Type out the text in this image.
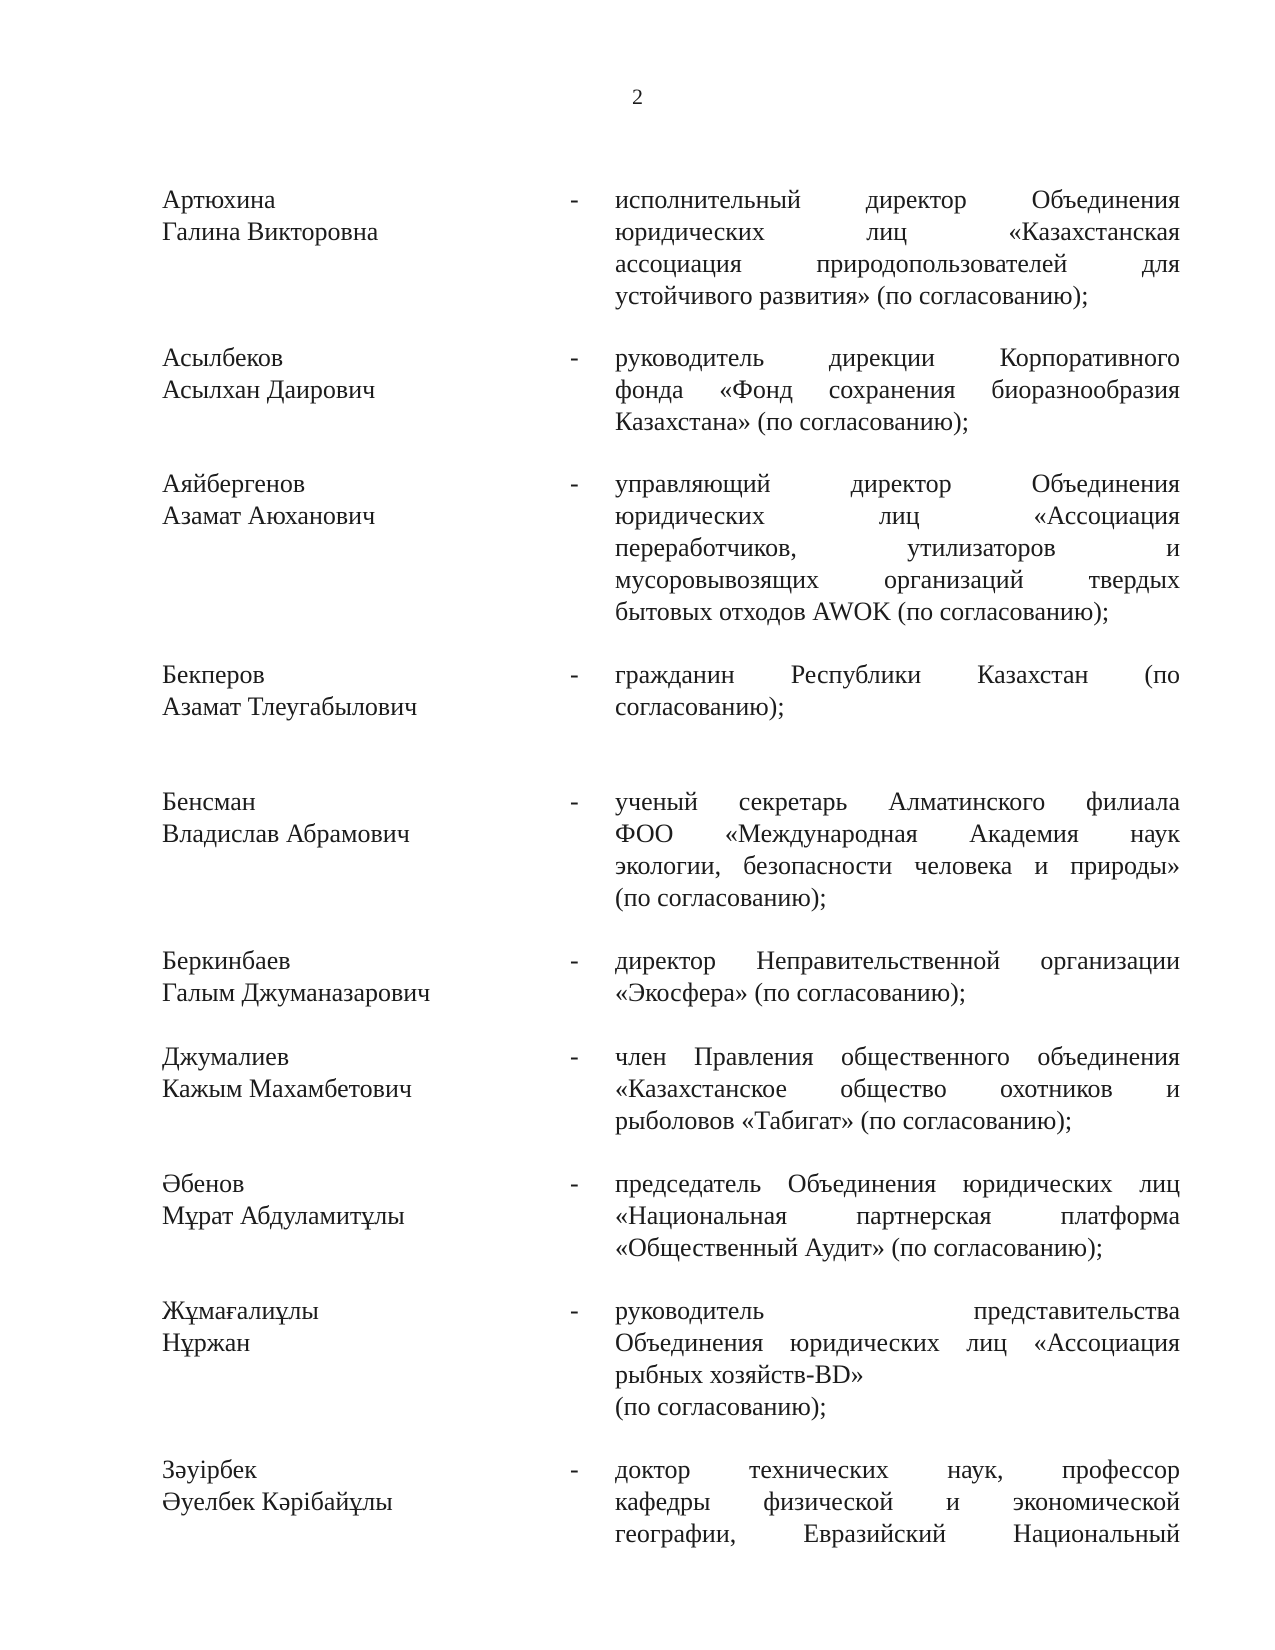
2
Артюхина
Галина Викторовна
- исполнительный директор Объединения
юридических лиц «Казахстанская
ассоциация природопользователей для
устойчивого развития» (по согласованию);
Асылбеков
Асылхан Даирович
- руководитель дирекции Корпоративного
фонда «Фонд сохранения биоразнообразия
Казахстана» (по согласованию);
Аяйбергенов
Азамат Аюханович
- управляющий директор Объединения
юридических лиц «Ассоциация
переработчиков, утилизаторов и
мусоровывозящих организаций твердых
бытовых отходов AWOK (по согласованию);
Бекперов
Азамат Тлеугабылович
- гражданин Республики Казахстан (по
согласованию);
Бенсман
Владислав Абрамович
- ученый секретарь Алматинского филиала
ФОО «Международная Академия наук
экологии, безопасности человека и природы»
(по согласованию);
Беркинбаев
Галым Джуманазарович
- директор Неправительственной организации
«Экосфера» (по согласованию);
Джумалиев
Кажым Махамбетович
- член Правления общественного объединения
«Казахстанское общество охотников и
рыболовов «Табигат» (по согласованию);
Әбенов
Мұрат Абдуламитұлы
- председатель Объединения юридических лиц
«Национальная партнерская платформа
«Общественный Аудит» (по согласованию);
Жұмағалиұлы
Нұржан
- руководитель представительства
Объединения юридических лиц «Ассоциация
рыбных хозяйств-BD»
(по согласованию);
Зәуірбек
Әуелбек Кәрібайұлы
- доктор технических наук, профессор
кафедры физической и экономической
географии, Евразийский Национальный
